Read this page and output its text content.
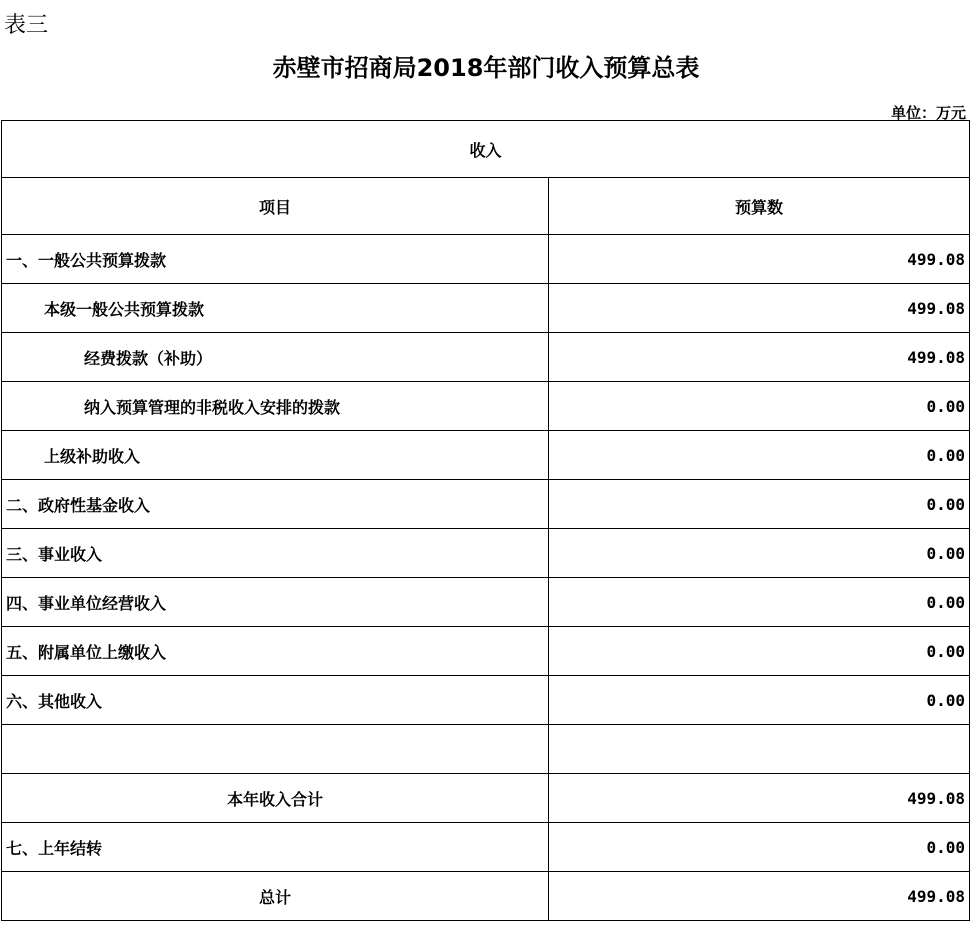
表三
赤壁市招商局2018年部门收入预算总表
单位：万元
收入	
项目	预算数
一、一般公共预算拨款	499.08
本级一般公共预算拨款	499.08
经费拨款（补助）	499.08
纳入预算管理的非税收入安排的拨款	0.00
上级补助收入	0.00
二、政府性基金收入	0.00
三、事业收入	0.00
四、事业单位经营收入	0.00
五、附属单位上缴收入	0.00
六、其他收入	0.00

本年收入合计	499.08
七、上年结转	0.00
总计	499.08
